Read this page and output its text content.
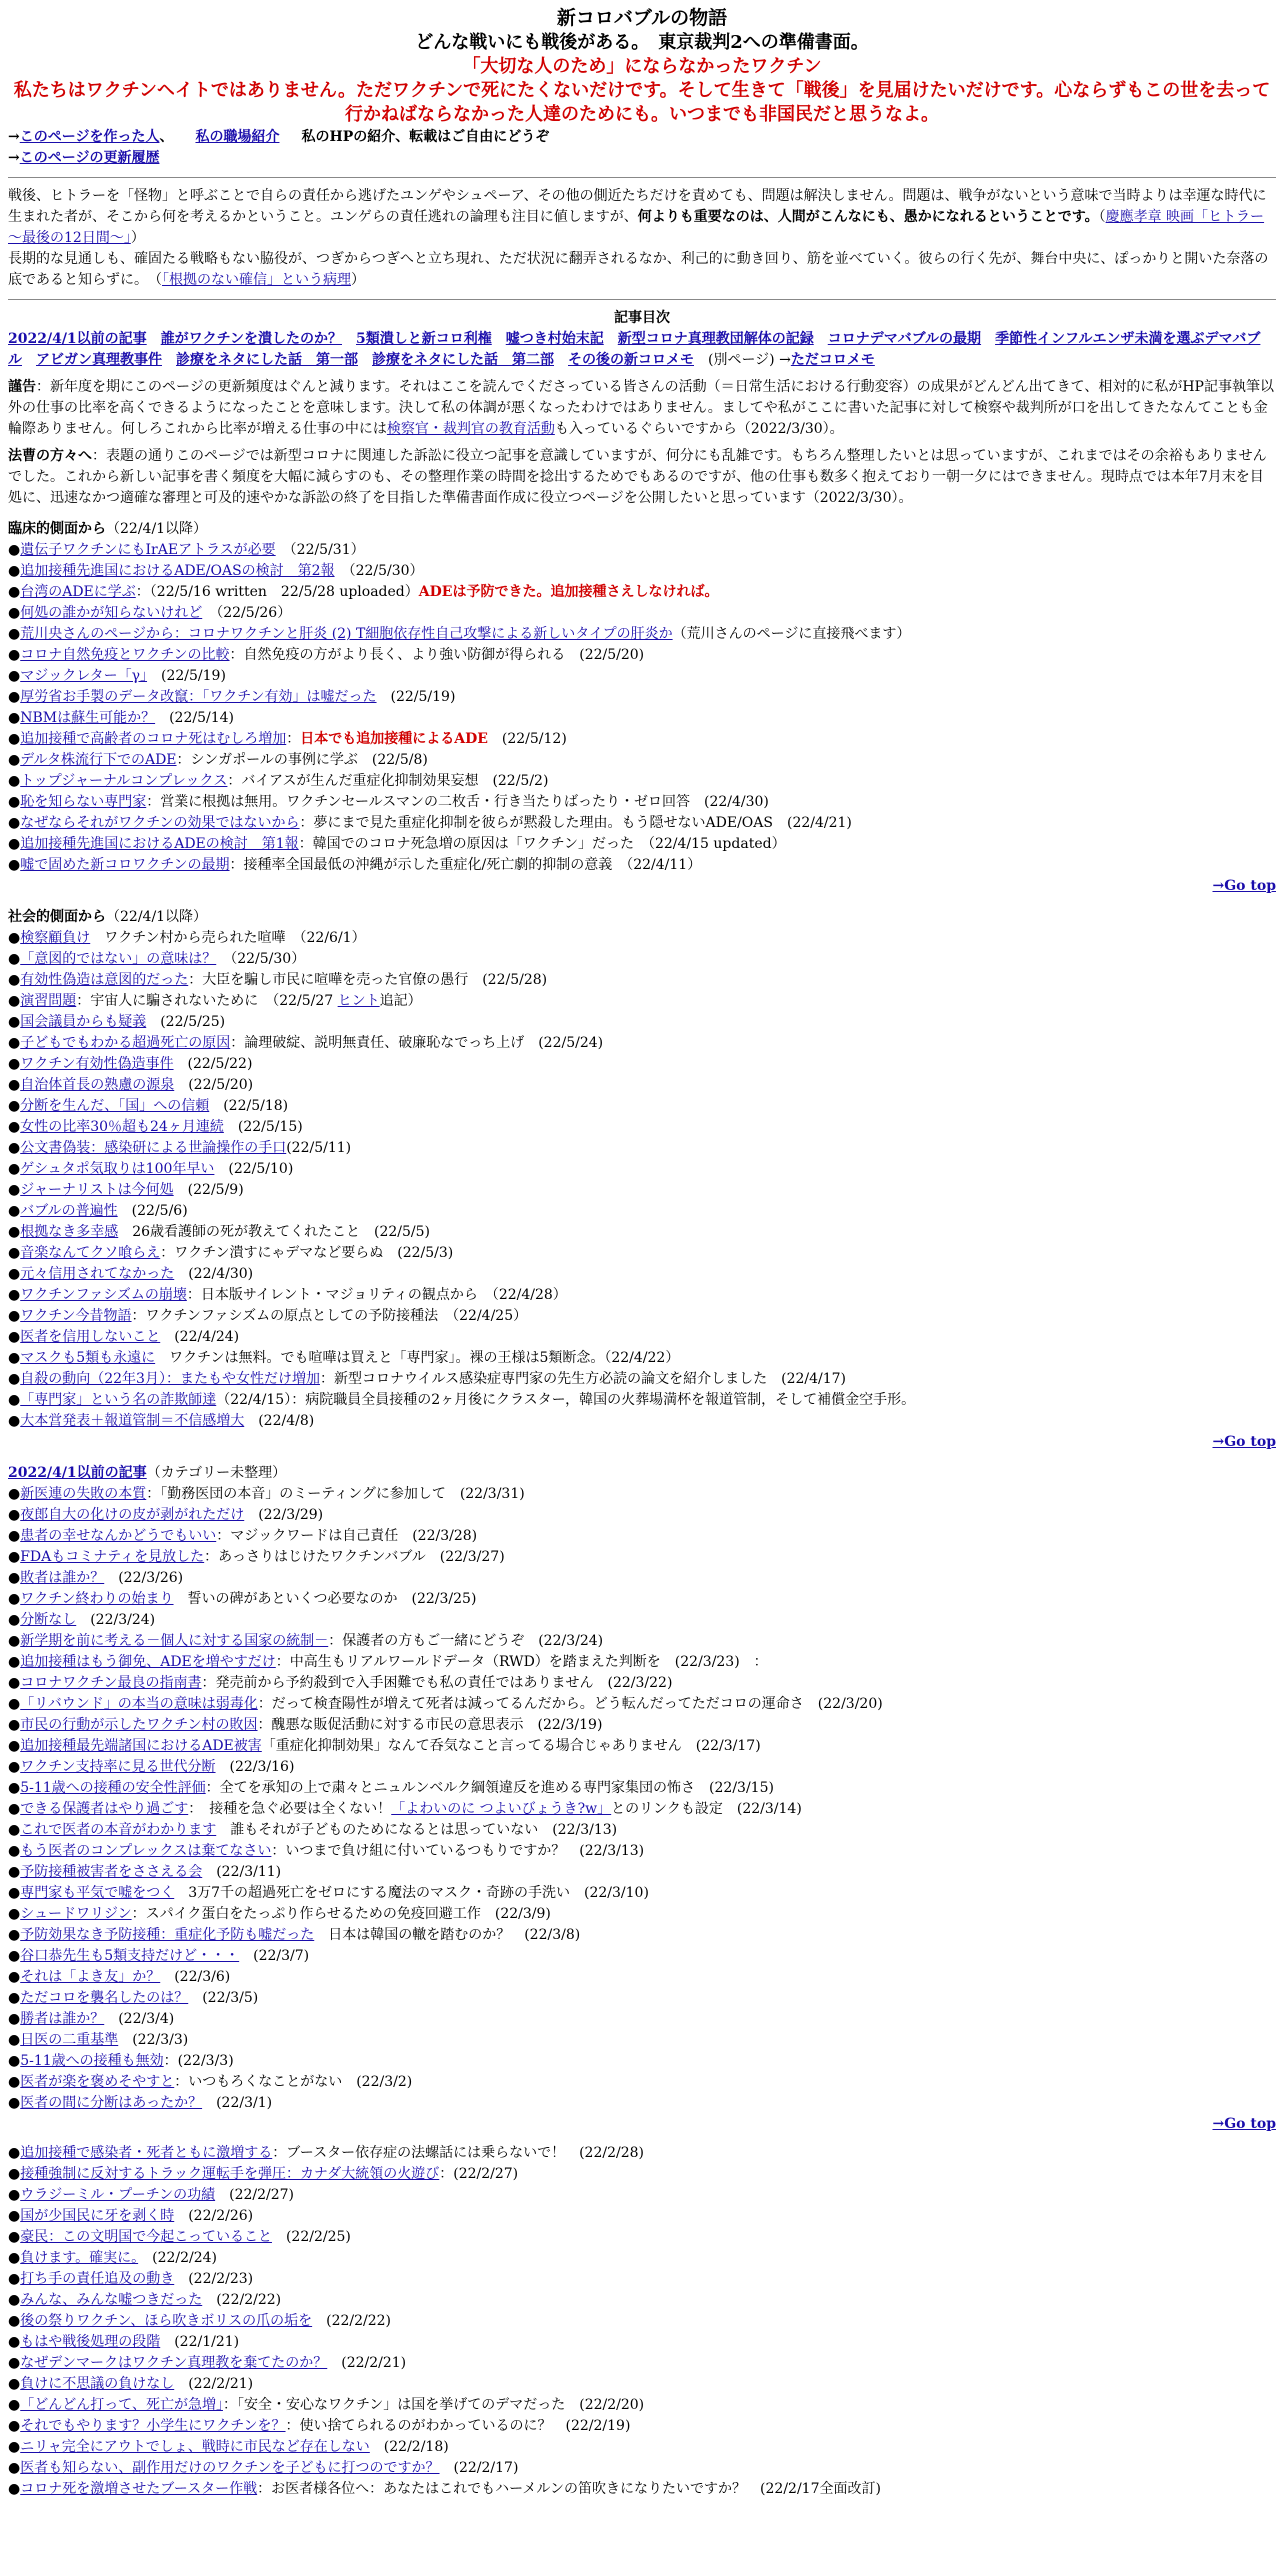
新コロバブルの物語
どんな戦いにも戦後がある。　東京裁判2への準備書面。
「大切な人のため」にならなかったワクチン
私たちはワクチンヘイトではありません。ただワクチンで死にたくないだけです。そして生きて「戦後」を見届けたいだけです。心ならずもこの世を去って行かねばならなかった人達のためにも。いつまでも非国民だと思うなよ。
→このページを作った人、 私の職場紹介 私のHPの紹介、転載はご自由にどうぞ
→このページの更新履歴
戦後、ヒトラーを「怪物」と呼ぶことで自らの責任から逃げたユンゲやシュペーア、その他の側近たちだけを責めても、問題は解決しません。問題は、戦争がないという意味で当時よりは幸運な時代に生まれた者が、そこから何を考えるかということ。ユンゲらの責任逃れの論理も注目に値しますが、何よりも重要なのは、人間がこんなにも、愚かになれるということです。（慶應孝章 映画「ヒトラー～最後の12日間～」）
長期的な見通しも、確固たる戦略もない脇役が、つぎからつぎへと立ち現れ、ただ状況に翻弄されるなか、利己的に動き回り、筋を並べていく。彼らの行く先が、舞台中央に、ぽっかりと開いた奈落の底であると知らずに。　（「根拠のない確信」という病理）
記事目次
2022/4/1以前の記事 誰がワクチンを潰したのか？ 5類潰しと新コロ利権 嘘つき村始末記 新型コロナ真理教団解体の記録 コロナデマバブルの最期 季節性インフルエンザ未満を選ぶデマバブル アビガン真理教事件 診療をネタにした話　第一部 診療をネタにした話　第二部 その後の新コロメモ (別ページ) →ただコロメモ
謹告：新年度を期にこのページの更新頻度はぐんと減ります。それはここを読んでくださっている皆さんの活動（＝日常生活における行動変容）の成果がどんどん出てきて、相対的に私がHP記事執筆以外の仕事の比率を高くできるようになったことを意味します。決して私の体調が悪くなったわけではありません。ましてや私がここに書いた記事に対して検察や裁判所が口を出してきたなんてことも金輪際ありません。何しろこれから比率が増える仕事の中には検察官・裁判官の教育活動も入っているぐらいですから（2022/3/30）。
法曹の方々へ：表題の通りこのページでは新型コロナに関連した訴訟に役立つ記事を意識していますが、何分にも乱雑です。もちろん整理したいとは思っていますが、これまではその余裕もありませんでした。これから新しい記事を書く頻度を大幅に減らすのも、その整理作業の時間を捻出するためでもあるのですが、他の仕事も数多く抱えており一朝一夕にはできません。現時点では本年7月末を目処に、迅速なかつ適確な審理と可及的速やかな訴訟の終了を目指した準備書面作成に役立つページを公開したいと思っています（2022/3/30）。
臨床的側面から（22/4/1以降）
● 遺伝子ワクチンにもIrAEアトラスが必要　（22/5/31）
● 追加接種先進国におけるADE/OASの検討　第2報　（22/5/30）
● 台湾のADEに学ぶ：（22/5/16 written　22/5/28 uploaded）ADEは予防できた。追加接種さえしなければ。
● 何処の誰かが知らないけれど　（22/5/26）
● 荒川央さんのページから：コロナワクチンと肝炎 (2) T細胞依存性自己攻撃による新しいタイプの肝炎か（荒川さんのページに直接飛べます）
● コロナ自然免疫とワクチンの比較：自然免疫の方がより長く、より強い防御が得られる　(22/5/20)
● マジックレター「γ」　(22/5/19)
● 厚労省お手製のデータ改竄：「ワクチン有効」は嘘だった　(22/5/19)
● NBMは蘇生可能か？　(22/5/14)
● 追加接種で高齢者のコロナ死はむしろ増加：日本でも追加接種によるADE　(22/5/12)
● デルタ株流行下でのADE：シンガポールの事例に学ぶ　(22/5/8)
● トップジャーナルコンプレックス：バイアスが生んだ重症化抑制効果妄想　(22/5/2)
● 恥を知らない専門家：営業に根拠は無用。ワクチンセールスマンの二枚舌・行き当たりばったり・ゼロ回答　(22/4/30)
● なぜならそれがワクチンの効果ではないから：夢にまで見た重症化抑制を彼らが黙殺した理由。もう隠せないADE/OAS　(22/4/21)
● 追加接種先進国におけるADEの検討　第1報：韓国でのコロナ死急増の原因は「ワクチン」だった　（22/4/15 updated）
● 嘘で固めた新コロワクチンの最期：接種率全国最低の沖縄が示した重症化/死亡劇的抑制の意義　（22/4/11）
→Go top
社会的側面から（22/4/1以降）
● 検察顧負け　ワクチン村から売られた喧嘩　（22/6/1）
● 「意図的ではない」の意味は？　（22/5/30）
● 有効性偽造は意図的だった：大臣を騙し市民に喧嘩を売った官僚の愚行　(22/5/28)
● 演習問題：宇宙人に騙されないために　（22/5/27 ヒント追記）
● 国会議員からも疑義　(22/5/25)
● 子どもでもわかる超過死亡の原因：論理破綻、説明無責任、破廉恥なでっち上げ　(22/5/24)
● ワクチン有効性偽造事件　(22/5/22)
● 自治体首長の熟慮の源泉　(22/5/20)
● 分断を生んだ、「国」への信頼　(22/5/18)
● 女性の比率30％超も24ヶ月連続　(22/5/15)
● 公文書偽装：感染研による世論操作の手口(22/5/11)
● ゲシュタポ気取りは100年早い　(22/5/10)
● ジャーナリストは今何処　(22/5/9)
● バブルの普遍性　(22/5/6)
● 根拠なき多幸感　26歳看護師の死が教えてくれたこと　(22/5/5)
● 音楽なんてクソ喰らえ：ワクチン潰すにゃデマなど要らぬ　(22/5/3)
● 元々信用されてなかった　(22/4/30)
● ワクチンファシズムの崩壊：日本版サイレント・マジョリティの観点から　（22/4/28）
● ワクチン今昔物語：ワクチンファシズムの原点としての予防接種法　（22/4/25）
● 医者を信用しないこと　(22/4/24)
● マスクも5類も永遠に　ワクチンは無料。でも喧嘩は買えと「専門家」。裸の王様は5類断念。（22/4/22）
● 自殺の動向（22年3月）：またもや女性だけ増加：新型コロナウイルス感染症専門家の先生方必読の論文を紹介しました　(22/4/17)
● 「専門家」という名の詐欺師達（22/4/15）：病院職員全員接種の2ヶ月後にクラスター，韓国の火葬場満杯を報道管制，そして補償金空手形。
● 大本営発表＋報道管制＝不信感増大　(22/4/8)
→Go top
2022/4/1以前の記事（カテゴリー未整理）
● 新医連の失敗の本質：「勤務医団の本音」のミーティングに参加して　(22/3/31)
● 夜郎自大の化けの皮が剥がれただけ　(22/3/29)
● 患者の幸せなんかどうでもいい：マジックワードは自己責任　(22/3/28)
● FDAもコミナティを見放した：あっさりはじけたワクチンバブル　(22/3/27)
● 敗者は誰か？　(22/3/26)
● ワクチン終わりの始まり　誓いの碑があといくつ必要なのか　(22/3/25)
● 分断なし　(22/3/24)
● 新学期を前に考える－個人に対する国家の統制－：保護者の方もご一緒にどうぞ　(22/3/24)
● 追加接種はもう御免、ADEを増やすだけ：中高生もリアルワールドデータ（RWD）を踏まえた判断を　(22/3/23)　：
● コロナワクチン最良の指南書：発売前から予約殺到で入手困難でも私の責任ではありません　(22/3/22)
● 「リバウンド」の本当の意味は弱毒化：だって検査陽性が増えて死者は減ってるんだから。どう転んだってただコロの運命さ　(22/3/20)
● 市民の行動が示したワクチン村の敗因：醜悪な販促活動に対する市民の意思表示　(22/3/19)
● 追加接種最先端諸国におけるADE被害「重症化抑制効果」なんて呑気なこと言ってる場合じゃありません　(22/3/17)
● ワクチン支持率に見る世代分断　(22/3/16)
● 5-11歳への接種の安全性評価：全てを承知の上で粛々とニュルンベルク綱領違反を進める専門家集団の怖さ　(22/3/15)
● できる保護者はやり過ごす：　接種を急ぐ必要は全くない！「よわいのに つよいびょうき?w」とのリンクも設定　(22/3/14)
● これで医者の本音がわかります　誰もそれが子どものためになるとは思っていない　(22/3/13)
● もう医者のコンプレックスは棄てなさい：いつまで負け組に付いているつもりですか？　(22/3/13)
● 予防接種被害者をささえる会　(22/3/11)
● 専門家も平気で嘘をつく　3万7千の超過死亡をゼロにする魔法のマスク・奇跡の手洗い　(22/3/10)
● シュードワリジン：スパイク蛋白をたっぷり作らせるための免疫回避工作　(22/3/9)
● 予防効果なき予防接種：重症化予防も嘘だった　日本は韓国の轍を踏むのか？　(22/3/8)
● 谷口恭先生も5類支持だけど・・・　(22/3/7)
● それは「よき友」か？　(22/3/6)
● ただコロを襲名したのは？　(22/3/5)
● 勝者は誰か？　(22/3/4)
● 日医の二重基準　(22/3/3)
● 5-11歳への接種も無効：(22/3/3)
● 医者が楽を褒めそやすと：いつもろくなことがない　(22/3/2)
● 医者の間に分断はあったか？　(22/3/1)
→Go top
● 追加接種で感染者・死者ともに激増する：ブースター依存症の法螺話には乗らないで！　(22/2/28)
● 接種強制に反対するトラック運転手を弾圧：カナダ大統領の火遊び：(22/2/27)
● ウラジーミル・プーチンの功績　(22/2/27)
● 国が少国民に牙を剥く時　(22/2/26)
● 豪民：この文明国で今起こっていること　(22/2/25)
● 負けます。確実に。　(22/2/24)
● 打ち手の責任追及の動き　(22/2/23)
● みんな、みんな嘘つきだった　(22/2/22)
● 後の祭りワクチン、ほら吹きボリスの爪の垢を　(22/2/22)
● もはや戦後処理の段階　(22/1/21)
● なぜデンマークはワクチン真理教を棄てたのか？　(22/2/21)
● 負けに不思議の負けなし　(22/2/21)
● 「どんどん打って、死亡が急増」：「安全・安心なワクチン」は国を挙げてのデマだった　(22/2/20)
● それでもやります？小学生にワクチンを？：使い捨てられるのがわかっているのに？　(22/2/19)
● ニリャ完全にアウトでしょ、戦時に市民など存在しない　(22/2/18)
● 医者も知らない、副作用だけのワクチンを子どもに打つのですか？　(22/2/17)
● コロナ死を激増させたブースター作戦：お医者様各位へ：あなたはこれでもハーメルンの笛吹きになりたいですか？　(22/2/17全面改訂)
